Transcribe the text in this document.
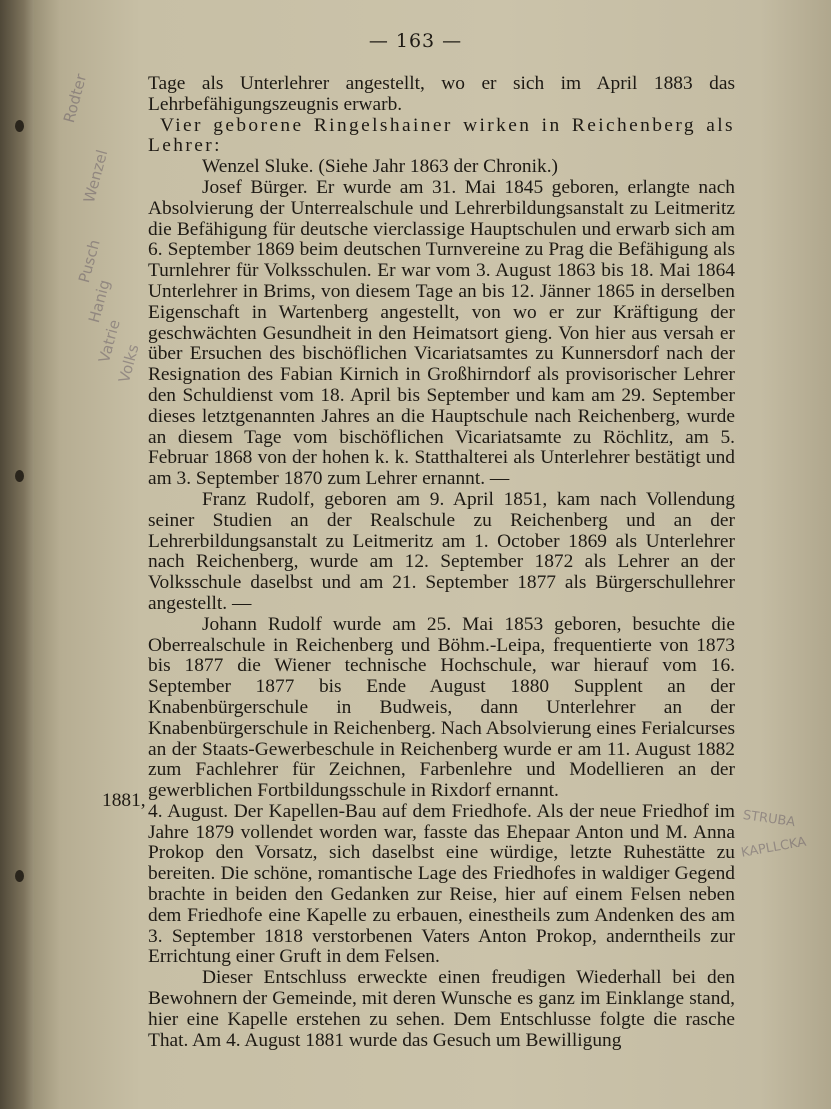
— 163 —
Rodter
Wenzel
Pusch
Hanig
Vatrie
Volks
STRUBA
KAPLLCKA
1881,

Tage als Unterlehrer angestellt, wo er sich im April 1883 das Lehrbefähigungszeugnis erwarb.

Vier geborene Ringelshainer wirken in Reichenberg als Lehrer:

Wenzel Sluke. (Siehe Jahr 1863 der Chronik.)

Josef Bürger. Er wurde am 31. Mai 1845 geboren, erlangte nach Absolvierung der Unterrealschule und Lehrerbildungsanstalt zu Leitmeritz die Befähigung für deutsche vierclassige Hauptschulen und erwarb sich am 6. September 1869 beim deutschen Turnvereine zu Prag die Befähigung als Turnlehrer für Volksschulen. Er war vom 3. August 1863 bis 18. Mai 1864 Unterlehrer in Brims, von diesem Tage an bis 12. Jänner 1865 in derselben Eigenschaft in Wartenberg angestellt, von wo er zur Kräftigung der geschwächten Gesundheit in den Heimatsort gieng. Von hier aus versah er über Ersuchen des bischöflichen Vicariatsamtes zu Kunnersdorf nach der Resignation des Fabian Kirnich in Großhirndorf als provisorischer Lehrer den Schuldienst vom 18. April bis September und kam am 29. September dieses letztgenannten Jahres an die Hauptschule nach Reichenberg, wurde an diesem Tage vom bischöflichen Vicariatsamte zu Röchlitz, am 5. Februar 1868 von der hohen k. k. Statthalterei als Unterlehrer bestätigt und am 3. September 1870 zum Lehrer ernannt. —

Franz Rudolf, geboren am 9. April 1851, kam nach Vollendung seiner Studien an der Realschule zu Reichenberg und an der Lehrerbildungsanstalt zu Leitmeritz am 1. October 1869 als Unterlehrer nach Reichenberg, wurde am 12. September 1872 als Lehrer an der Volksschule daselbst und am 21. September 1877 als Bürgerschullehrer angestellt. —

Johann Rudolf wurde am 25. Mai 1853 geboren, besuchte die Oberrealschule in Reichenberg und Böhm.-Leipa, frequentierte von 1873 bis 1877 die Wiener technische Hochschule, war hierauf vom 16. September 1877 bis Ende August 1880 Supplent an der Knabenbürgerschule in Budweis, dann Unterlehrer an der Knabenbürgerschule in Reichenberg. Nach Absolvierung eines Ferialcurses an der Staats-Gewerbeschule in Reichenberg wurde er am 11. August 1882 zum Fachlehrer für Zeichnen, Farbenlehre und Modellieren an der gewerblichen Fortbildungsschule in Rixdorf ernannt.

4. August. Der Kapellen-Bau auf dem Friedhofe. Als der neue Friedhof im Jahre 1879 vollendet worden war, fasste das Ehepaar Anton und M. Anna Prokop den Vorsatz, sich daselbst eine würdige, letzte Ruhestätte zu bereiten. Die schöne, romantische Lage des Friedhofes in waldiger Gegend brachte in beiden den Gedanken zur Reise, hier auf einem Felsen neben dem Friedhofe eine Kapelle zu erbauen, einestheils zum Andenken des am 3. September 1818 verstorbenen Vaters Anton Prokop, anderntheils zur Errichtung einer Gruft in dem Felsen.

Dieser Entschluss erweckte einen freudigen Wiederhall bei den Bewohnern der Gemeinde, mit deren Wunsche es ganz im Einklange stand, hier eine Kapelle erstehen zu sehen. Dem Entschlusse folgte die rasche That. Am 4. August 1881 wurde das Gesuch um Bewilligung
